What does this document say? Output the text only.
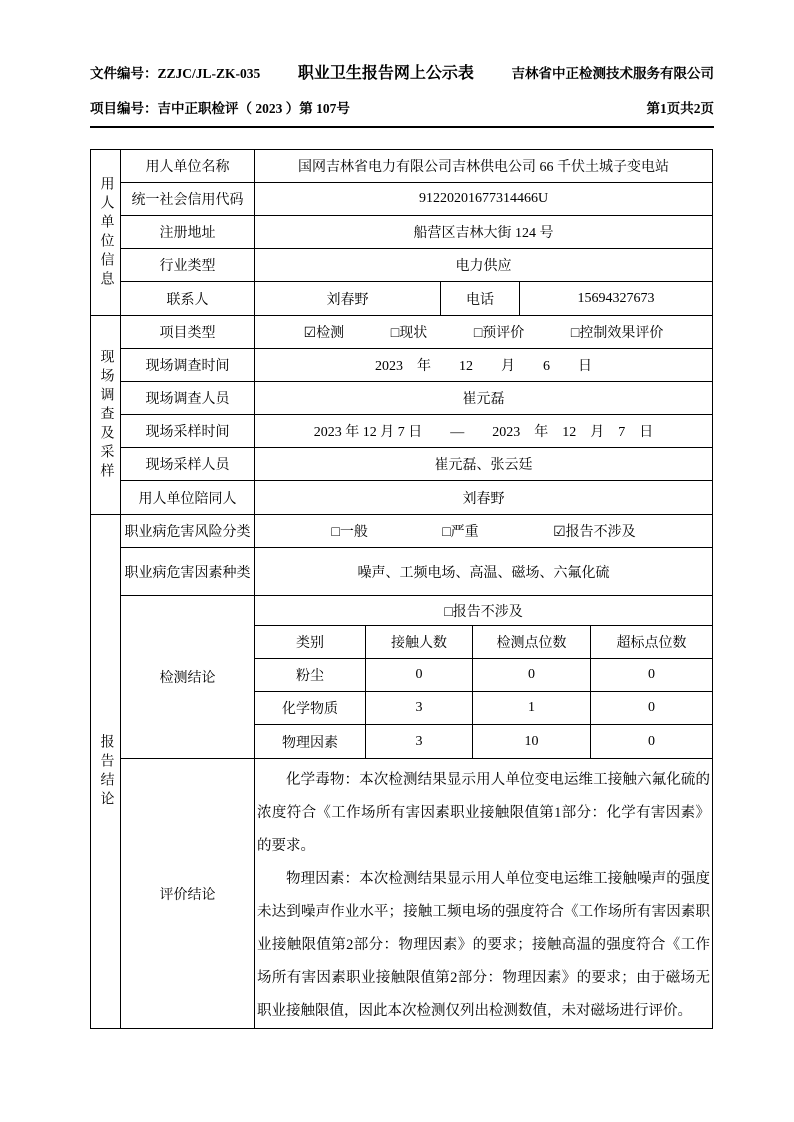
文件编号：ZZJC/JL-ZK-035 职业卫生报告网上公示表	吉林省中正检测技术服务有限公司
项目编号：吉中正职检评（ 2023 ）第 107号	第1页共2页
用人单位信息
用人单位名称	国网吉林省电力有限公司吉林供电公司 66 千伏土城子变电站
统一社会信用代码	91220201677314466U
注册地址	船营区吉林大街 124 号
行业类型	电力供应
联系人	刘春野	电话	15694327673
现场调查及采样
项目类型	☑检测	□现状	□预评价	□控制效果评价
现场调查时间	2023　年　　12　　月　　6　　日
现场调查人员	崔元磊
现场采样时间	2023 年 12 月 7 日　　—　　2023　年　12　月　7　日
现场采样人员	崔元磊、张云廷
用人单位陪同人	刘春野
报告结论
职业病危害风险分类	□一般	□严重	☑报告不涉及
职业病危害因素种类	噪声、工频电场、高温、磁场、六氟化硫
检测结论
□报告不涉及
类别	接触人数	检测点位数	超标点位数
粉尘	0	0	0
化学物质	3	1	0
物理因素	3	10	0
评价结论

化学毒物：本次检测结果显示用人单位变电运维工接触六氟化硫的浓度符合《工作场所有害因素职业接触限值第1部分：化学有害因素》的要求。

物理因素：本次检测结果显示用人单位变电运维工接触噪声的强度未达到噪声作业水平；接触工频电场的强度符合《工作场所有害因素职业接触限值第2部分：物理因素》的要求；接触高温的强度符合《工作场所有害因素职业接触限值第2部分：物理因素》的要求；由于磁场无职业接触限值，因此本次检测仅列出检测数值，未对磁场进行评价。
